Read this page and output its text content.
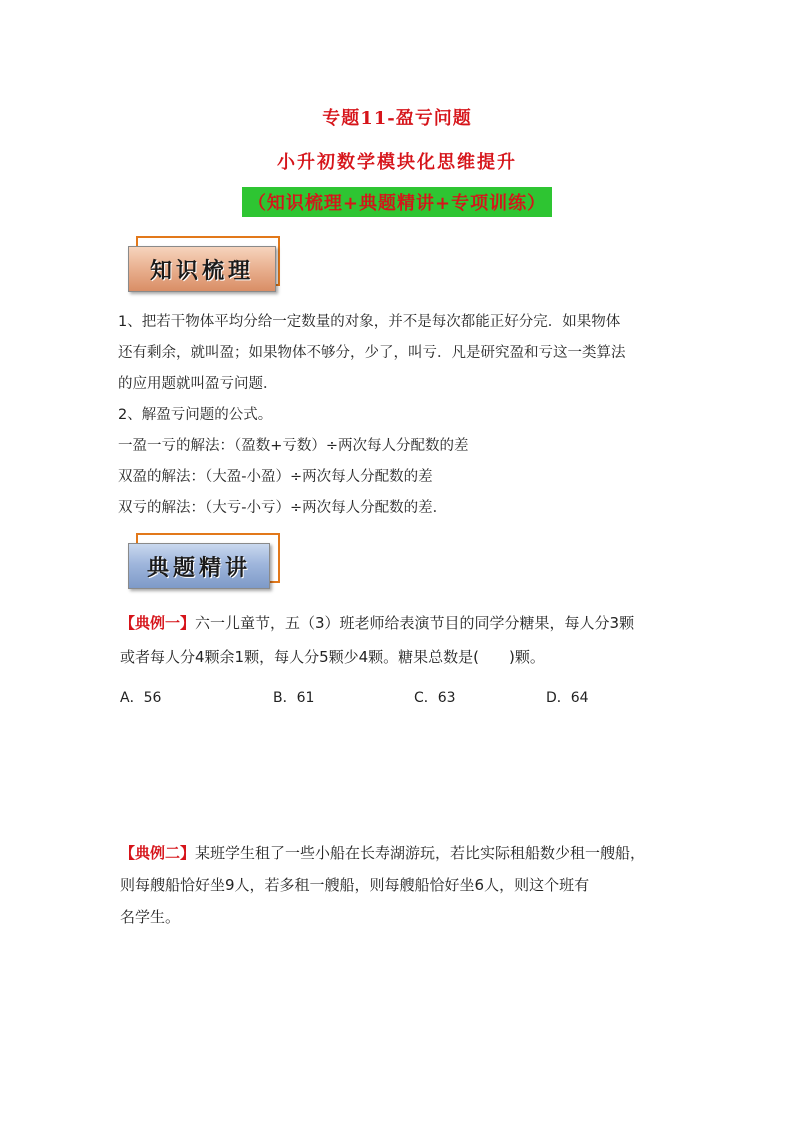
专题11-盈亏问题
小升初数学模块化思维提升
（知识梳理+典题精讲+专项训练）
知识梳理
1、把若干物体平均分给一定数量的对象，并不是每次都能正好分完．如果物体
还有剩余，就叫盈；如果物体不够分，少了，叫亏．凡是研究盈和亏这一类算法
的应用题就叫盈亏问题．
2、解盈亏问题的公式。
一盈一亏的解法：（盈数+亏数）÷两次每人分配数的差
双盈的解法：（大盈-小盈）÷两次每人分配数的差
双亏的解法：（大亏-小亏）÷两次每人分配数的差．
典题精讲
【典例一】六一儿童节，五（3）班老师给表演节目的同学分糖果，每人分3颗
或者每人分4颗余1颗，每人分5颗少4颗。糖果总数是(　　)颗。
A．56	B．61	C．63	D．64
【典例二】某班学生租了一些小船在长寿湖游玩，若比实际租船数少租一艘船，
则每艘船恰好坐9人，若多租一艘船，则每艘船恰好坐6人，则这个班有
名学生。
